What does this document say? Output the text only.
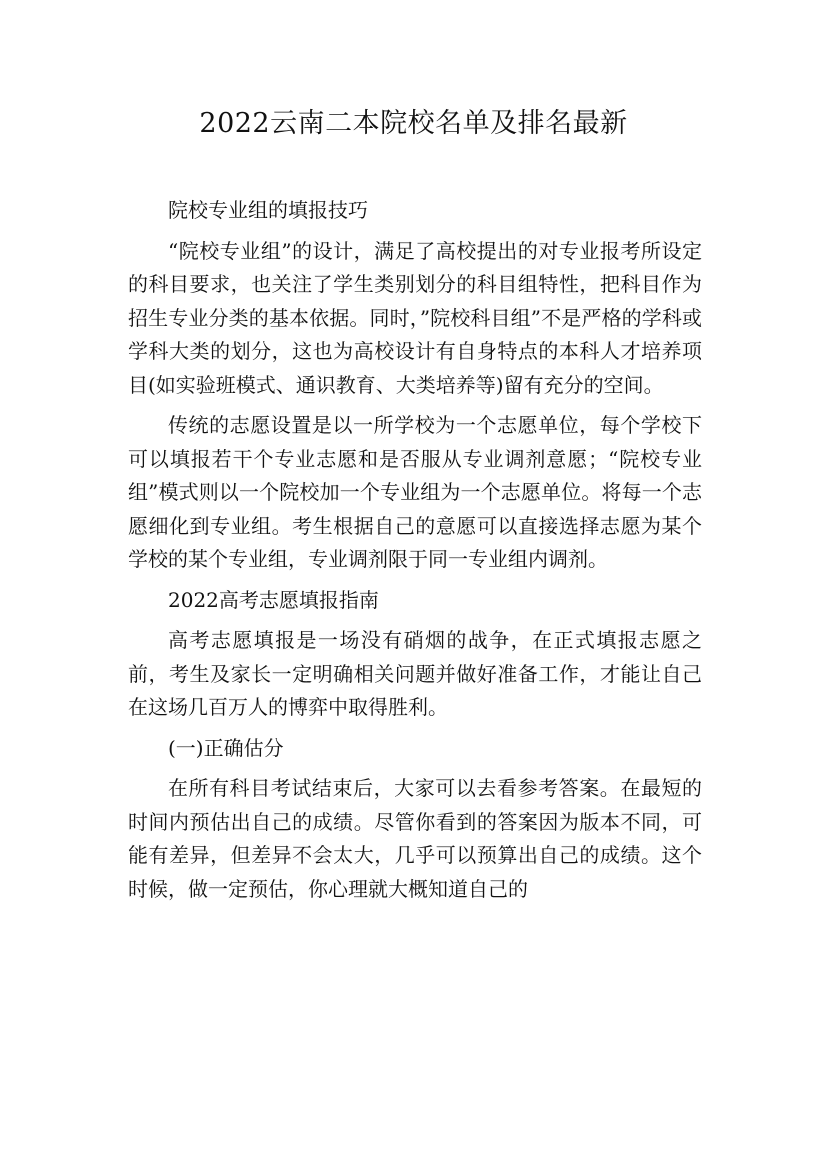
2022云南二本院校名单及排名最新

院校专业组的填报技巧

“院校专业组”的设计，满足了高校提出的对专业报考所设定的科目要求，也关注了学生类别划分的科目组特性，把科目作为招生专业分类的基本依据。同时，”院校科目组”不是严格的学科或学科大类的划分，这也为高校设计有自身特点的本科人才培养项目(如实验班模式、通识教育、大类培养等)留有充分的空间。

传统的志愿设置是以一所学校为一个志愿单位，每个学校下可以填报若干个专业志愿和是否服从专业调剂意愿；“院校专业组”模式则以一个院校加一个专业组为一个志愿单位。将每一个志愿细化到专业组。考生根据自己的意愿可以直接选择志愿为某个学校的某个专业组，专业调剂限于同一专业组内调剂。

2022高考志愿填报指南

高考志愿填报是一场没有硝烟的战争，在正式填报志愿之前，考生及家长一定明确相关问题并做好准备工作，才能让自己在这场几百万人的博弈中取得胜利。

(一)正确估分

在所有科目考试结束后，大家可以去看参考答案。在最短的时间内预估出自己的成绩。尽管你看到的答案因为版本不同，可能有差异，但差异不会太大，几乎可以预算出自己的成绩。这个时候，做一定预估，你心理就大概知道自己的
